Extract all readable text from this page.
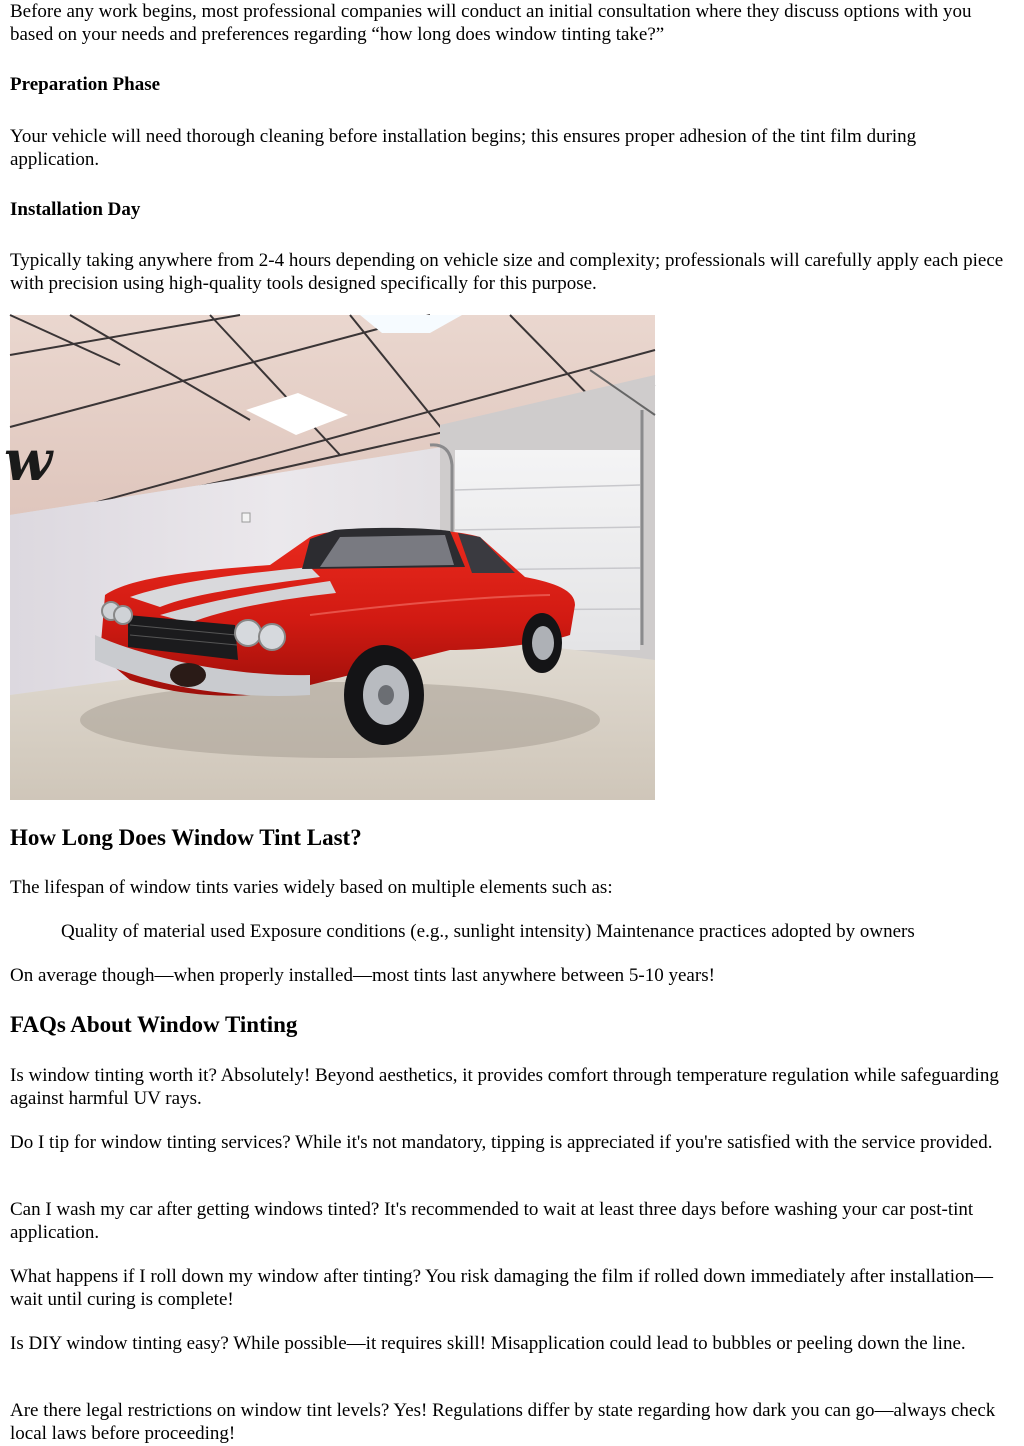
Before any work begins, most professional companies will conduct an initial consultation where they discuss options with you based on your needs and preferences regarding “how long does window tinting take?”

Preparation Phase

Your vehicle will need thorough cleaning before installation begins; this ensures proper adhesion of the tint film during application.

Installation Day

Typically taking anywhere from 2-4 hours depending on vehicle size and complexity; professionals will carefully apply each piece with precision using high-quality tools designed specifically for this purpose.

w
How Long Does Window Tint Last?

The lifespan of window tints varies widely based on multiple elements such as:

Quality of material used Exposure conditions (e.g., sunlight intensity) Maintenance practices adopted by owners

On average though—when properly installed—most tints last anywhere between 5-10 years!

FAQs About Window Tinting

Is window tinting worth it? Absolutely! Beyond aesthetics, it provides comfort through temperature regulation while safeguarding against harmful UV rays.

Do I tip for window tinting services? While it's not mandatory, tipping is appreciated if you're satisfied with the service provided.

Can I wash my car after getting windows tinted? It's recommended to wait at least three days before washing your car post-tint application.

What happens if I roll down my window after tinting? You risk damaging the film if rolled down immediately after installation—wait until curing is complete!

Is DIY window tinting easy? While possible—it requires skill! Misapplication could lead to bubbles or peeling down the line.

Are there legal restrictions on window tint levels? Yes! Regulations differ by state regarding how dark you can go—always check local laws before proceeding!
